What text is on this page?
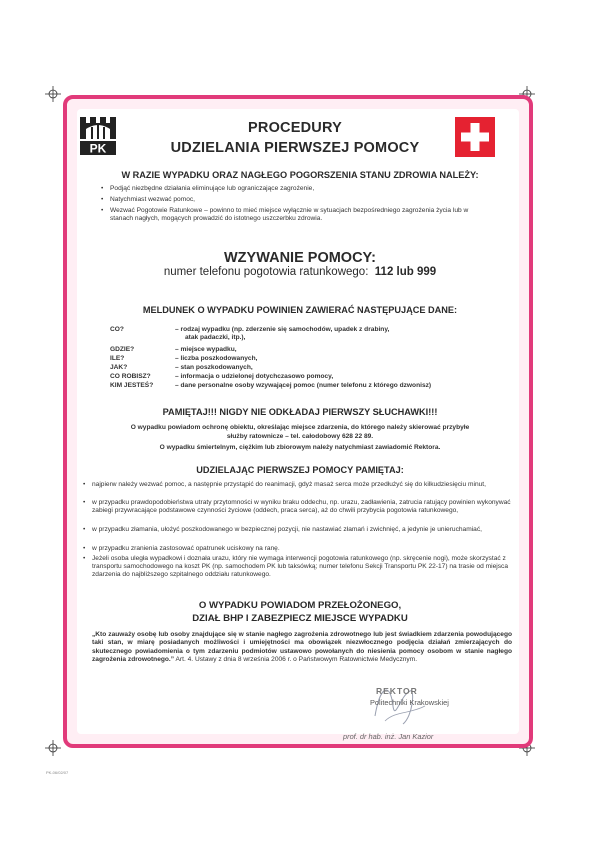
PK
PROCEDURY
UDZIELANIA PIERWSZEJ POMOCY
W RAZIE WYPADKU ORAZ NAGŁEGO POGORSZENIA STANU ZDROWIA NALEŻY:
• Podjąć niezbędne działania eliminujące lub ograniczające zagrożenie,
• Natychmiast wezwać pomoc,
• Wezwać Pogotowie Ratunkowe – powinno to mieć miejsce wyłącznie w sytuacjach bezpośredniego zagrożenia życia lub w stanach nagłych, mogących prowadzić do istotnego uszczerbku zdrowia.
WZYWANIE POMOCY:
numer telefonu pogotowia ratunkowego: 112 lub 999
MELDUNEK O WYPADKU POWINIEN ZAWIERAĆ NASTĘPUJĄCE DANE:
CO?	– rodzaj wypadku (np. zderzenie się samochodów, upadek z drabiny,
atak padaczki, itp.),
GDZIE?	– miejsce wypadku,
ILE?	– liczba poszkodowanych,
JAK?	– stan poszkodowanych,
CO ROBISZ?	– informacja o udzielonej dotychczasowo pomocy,
KIM JESTEŚ?	– dane personalne osoby wzywającej pomoc (numer telefonu z którego dzwonisz)
PAMIĘTAJ!!! NIGDY NIE ODKŁADAJ PIERWSZY SŁUCHAWKI!!!
O wypadku powiadom ochronę obiektu, określając miejsce zdarzenia, do którego należy skierować przybyłe
służby ratownicze – tel. całodobowy 628 22 89.
O wypadku śmiertelnym, ciężkim lub zbiorowym należy natychmiast zawiadomić Rektora.
UDZIELAJĄC PIERWSZEJ POMOCY PAMIĘTAJ:
• najpierw należy wezwać pomoc, a następnie przystąpić do reanimacji, gdyż masaż serca może przedłużyć się do kilkudziesięciu minut,
• w przypadku prawdopodobieństwa utraty przytomności w wyniku braku oddechu, np. urazu, zadławienia, zatrucia ratujący powinien wykonywać zabiegi przywracające podstawowe czynności życiowe (oddech, praca serca), aż do chwili przybycia pogotowia ratunkowego,
• w przypadku złamania, ułożyć poszkodowanego w bezpiecznej pozycji, nie nastawiać złamań i zwichnięć, a jedynie je unieruchamiać,
• w przypadku zranienia zastosować opatrunek uciskowy na ranę.
• Jeżeli osoba uległa wypadkowi i doznała urazu, który nie wymaga interwencji pogotowia ratunkowego (np. skręcenie nogi), może skorzystać z transportu samochodowego na koszt PK (np. samochodem PK lub taksówką; numer telefonu Sekcji Transportu PK 22-17) na trasie od miejsca zdarzenia do najbliższego szpitalnego oddziału ratunkowego.
O WYPADKU POWIADOM PRZEŁOŻONEGO,
DZIAŁ BHP I ZABEZPIECZ MIEJSCE WYPADKU
„Kto zauważy osobę lub osoby znajdujące się w stanie nagłego zagrożenia zdrowotnego lub jest świadkiem zdarzenia powodującego taki stan, w miarę posiadanych możliwości i umiejętności ma obowiązek niezwłocznego podjęcia działań zmierzających do skutecznego powiadomienia o tym zdarzeniu podmiotów ustawowo powołanych do niesienia pomocy osobom w stanie nagłego zagrożenia zdrowotnego.” Art. 4. Ustawy z dnia 8 września 2006 r. o Państwowym Ratownictwie Medycznym.
REKTOR
Politechniki Krakowskiej
prof. dr hab. inż. Jan Kazior
PK-06/02/07
